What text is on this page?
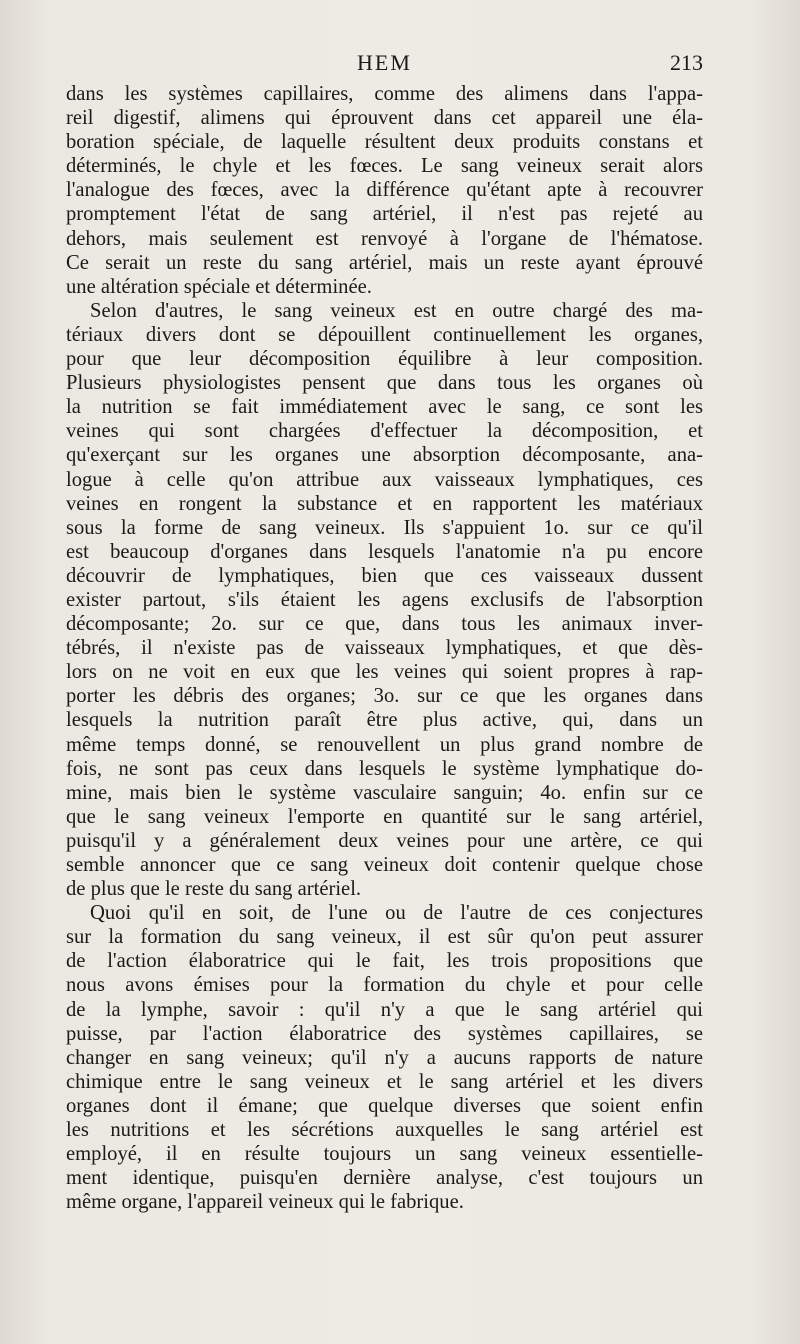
HEM	213
dans les systèmes capillaires, comme des alimens dans l'appa-
reil digestif, alimens qui éprouvent dans cet appareil une éla-
boration spéciale, de laquelle résultent deux produits constans et
déterminés, le chyle et les fœces. Le sang veineux serait alors
l'analogue des fœces, avec la différence qu'étant apte à recouvrer
promptement l'état de sang artériel, il n'est pas rejeté au
dehors, mais seulement est renvoyé à l'organe de l'hématose.
Ce serait un reste du sang artériel, mais un reste ayant éprouvé
une altération spéciale et déterminée.
Selon d'autres, le sang veineux est en outre chargé des ma-
tériaux divers dont se dépouillent continuellement les organes,
pour que leur décomposition équilibre à leur composition.
Plusieurs physiologistes pensent que dans tous les organes où
la nutrition se fait immédiatement avec le sang, ce sont les
veines qui sont chargées d'effectuer la décomposition, et
qu'exerçant sur les organes une absorption décomposante, ana-
logue à celle qu'on attribue aux vaisseaux lymphatiques, ces
veines en rongent la substance et en rapportent les matériaux
sous la forme de sang veineux. Ils s'appuient 1o. sur ce qu'il
est beaucoup d'organes dans lesquels l'anatomie n'a pu encore
découvrir de lymphatiques, bien que ces vaisseaux dussent
exister partout, s'ils étaient les agens exclusifs de l'absorption
décomposante; 2o. sur ce que, dans tous les animaux inver-
tébrés, il n'existe pas de vaisseaux lymphatiques, et que dès-
lors on ne voit en eux que les veines qui soient propres à rap-
porter les débris des organes; 3o. sur ce que les organes dans
lesquels la nutrition paraît être plus active, qui, dans un
même temps donné, se renouvellent un plus grand nombre de
fois, ne sont pas ceux dans lesquels le système lymphatique do-
mine, mais bien le système vasculaire sanguin; 4o. enfin sur ce
que le sang veineux l'emporte en quantité sur le sang artériel,
puisqu'il y a généralement deux veines pour une artère, ce qui
semble annoncer que ce sang veineux doit contenir quelque chose
de plus que le reste du sang artériel.
Quoi qu'il en soit, de l'une ou de l'autre de ces conjectures
sur la formation du sang veineux, il est sûr qu'on peut assurer
de l'action élaboratrice qui le fait, les trois propositions que
nous avons émises pour la formation du chyle et pour celle
de la lymphe, savoir : qu'il n'y a que le sang artériel qui
puisse, par l'action élaboratrice des systèmes capillaires, se
changer en sang veineux; qu'il n'y a aucuns rapports de nature
chimique entre le sang veineux et le sang artériel et les divers
organes dont il émane; que quelque diverses que soient enfin
les nutritions et les sécrétions auxquelles le sang artériel est
employé, il en résulte toujours un sang veineux essentielle-
ment identique, puisqu'en dernière analyse, c'est toujours un
même organe, l'appareil veineux qui le fabrique.
